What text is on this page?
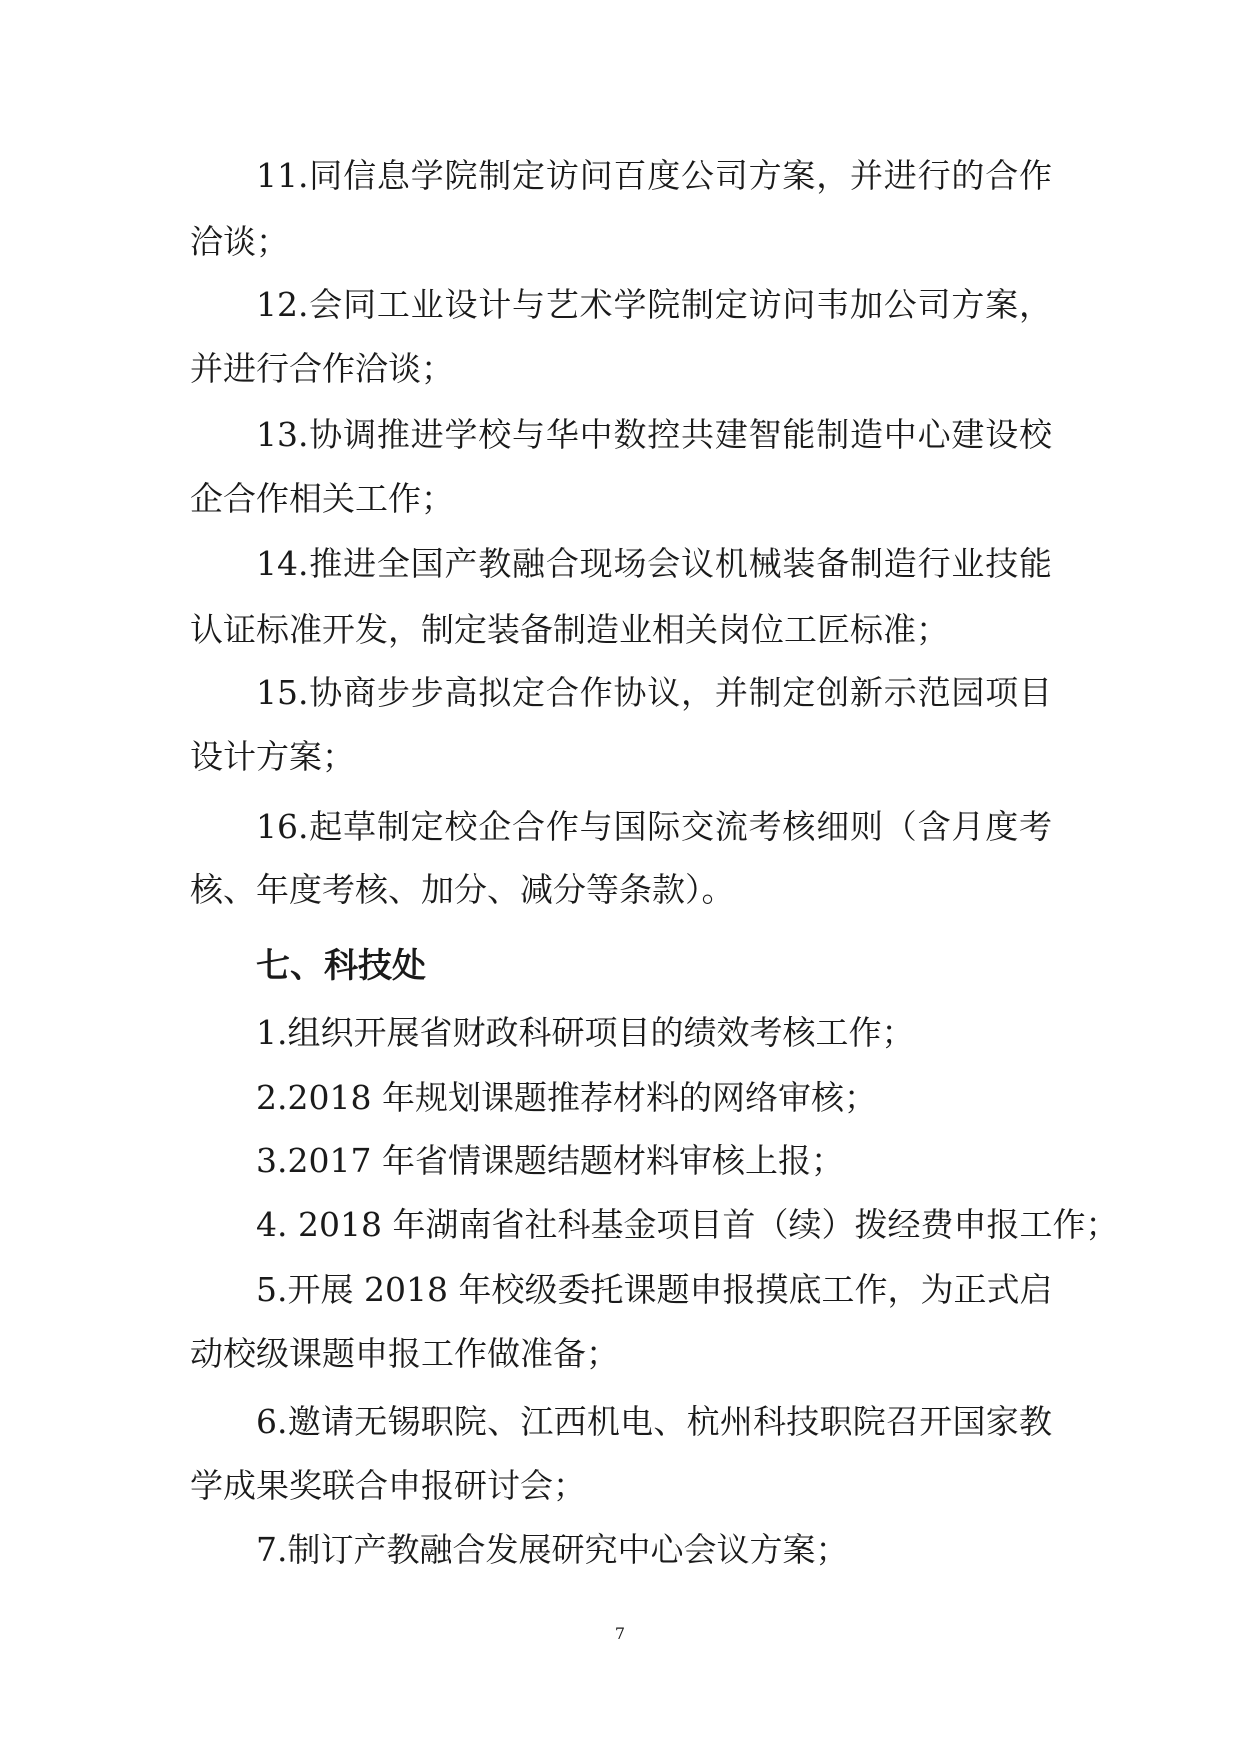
11.同信息学院制定访问百度公司方案，并进行的合作
洽谈；
12.会同工业设计与艺术学院制定访问韦加公司方案，
并进行合作洽谈；
13.协调推进学校与华中数控共建智能制造中心建设校
企合作相关工作；
14.推进全国产教融合现场会议机械装备制造行业技能
认证标准开发，制定装备制造业相关岗位工匠标准；
15.协商步步高拟定合作协议，并制定创新示范园项目
设计方案；
16.起草制定校企合作与国际交流考核细则（含月度考
核、年度考核、加分、减分等条款）。
七、科技处
1.组织开展省财政科研项目的绩效考核工作；
2.2018 年规划课题推荐材料的网络审核；
3.2017 年省情课题结题材料审核上报；
4. 2018 年湖南省社科基金项目首（续）拨经费申报工作；
5.开展 2018 年校级委托课题申报摸底工作，为正式启
动校级课题申报工作做准备；
6.邀请无锡职院、江西机电、杭州科技职院召开国家教
学成果奖联合申报研讨会；
7.制订产教融合发展研究中心会议方案；
7
